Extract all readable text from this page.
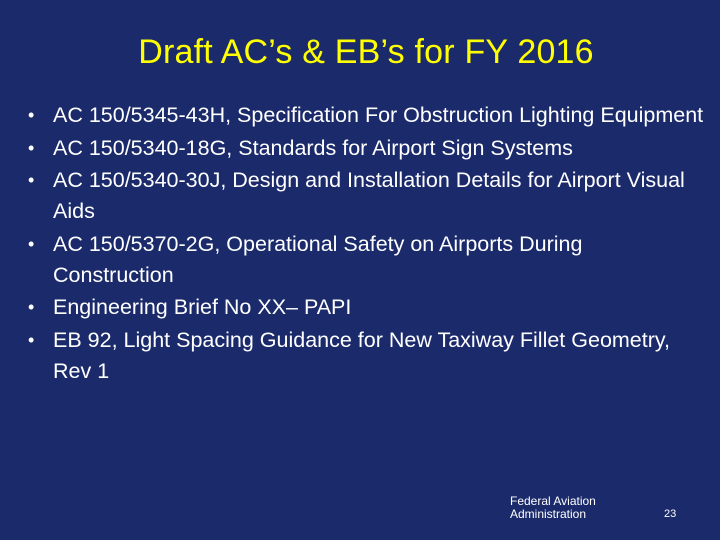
Draft AC’s & EB’s for FY 2016
• AC 150/5345-43H, Specification For Obstruction Lighting Equipment
• AC 150/5340-18G, Standards for Airport Sign Systems
• AC 150/5340-30J, Design and Installation Details for Airport Visual Aids
• AC 150/5370-2G, Operational Safety on Airports During Construction
• Engineering Brief No XX– PAPI
• EB 92, Light Spacing Guidance for New Taxiway Fillet Geometry, Rev 1
Federal Aviation
Administration	23
